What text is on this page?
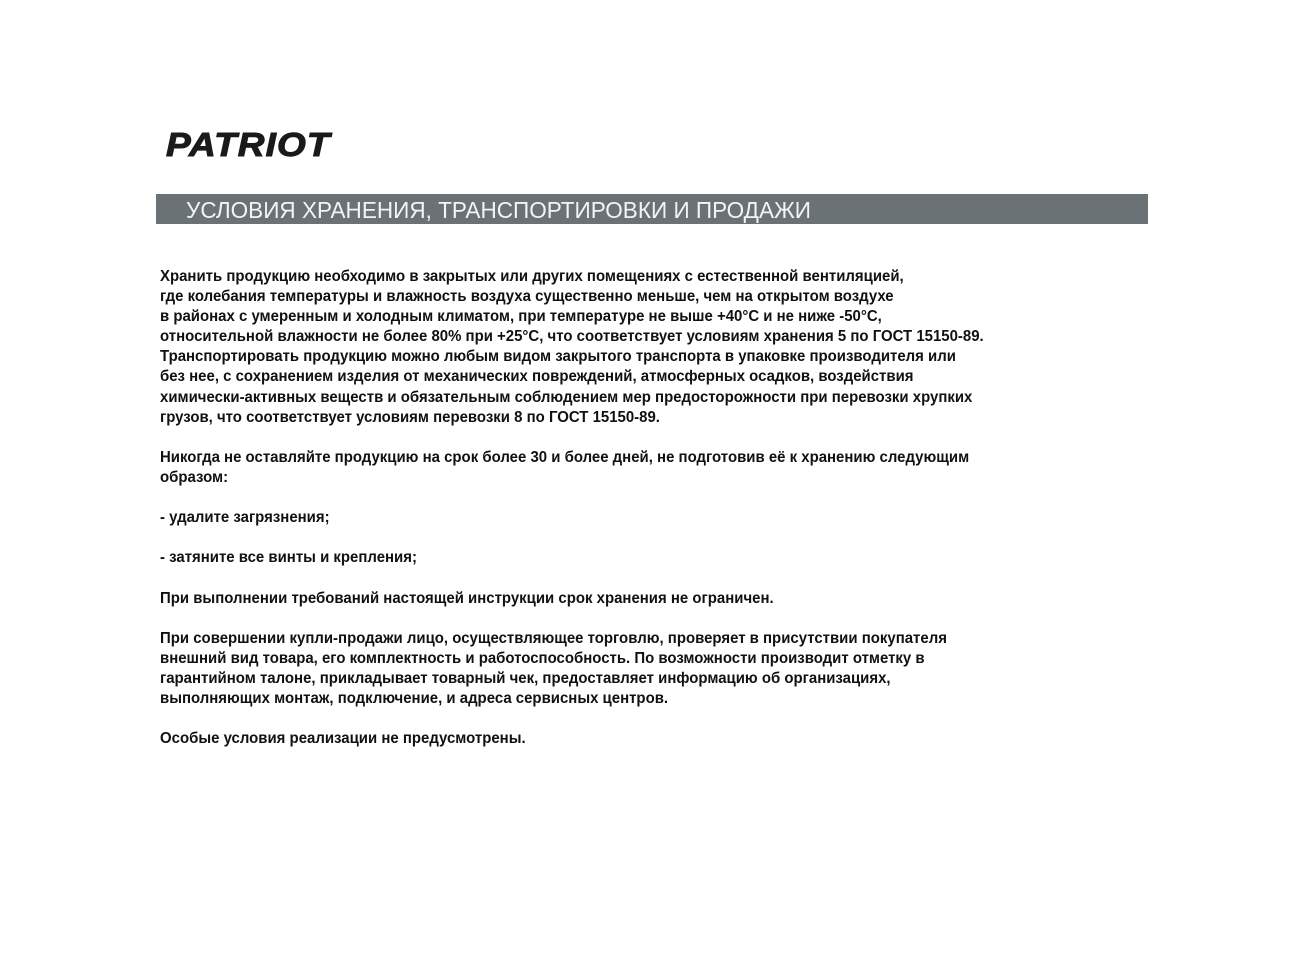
PATRIOT
УСЛОВИЯ ХРАНЕНИЯ, ТРАНСПОРТИРОВКИ И ПРОДАЖИ
Хранить продукцию необходимо в закрытых или других помещениях с естественной вентиляцией,
где колебания температуры и влажность воздуха существенно меньше, чем на открытом воздухе
в районах с умеренным и холодным климатом, при температуре не выше +40°С и не ниже -50°С,
относительной влажности не более 80% при +25°С, что соответствует условиям хранения 5 по ГОСТ 15150-89.
Транспортировать продукцию можно любым видом закрытого транспорта в упаковке производителя или
без нее, с сохранением изделия от механических повреждений, атмосферных осадков, воздействия
химически-активных веществ и обязательным соблюдением мер предосторожности при перевозки хрупких
грузов, что соответствует условиям перевозки 8 по ГОСТ 15150-89.
Никогда не оставляйте продукцию на срок более 30 и более дней, не подготовив её к хранению следующим
образом:
- удалите загрязнения;
- затяните все винты и крепления;
При выполнении требований настоящей инструкции срок хранения не ограничен.
При совершении купли-продажи лицо, осуществляющее торговлю, проверяет в присутствии покупателя
внешний вид товара, его комплектность и работоспособность. По возможности производит отметку в
гарантийном талоне, прикладывает товарный чек, предоставляет информацию об организациях,
выполняющих монтаж, подключение, и адреса сервисных центров.
Особые условия реализации не предусмотрены.
